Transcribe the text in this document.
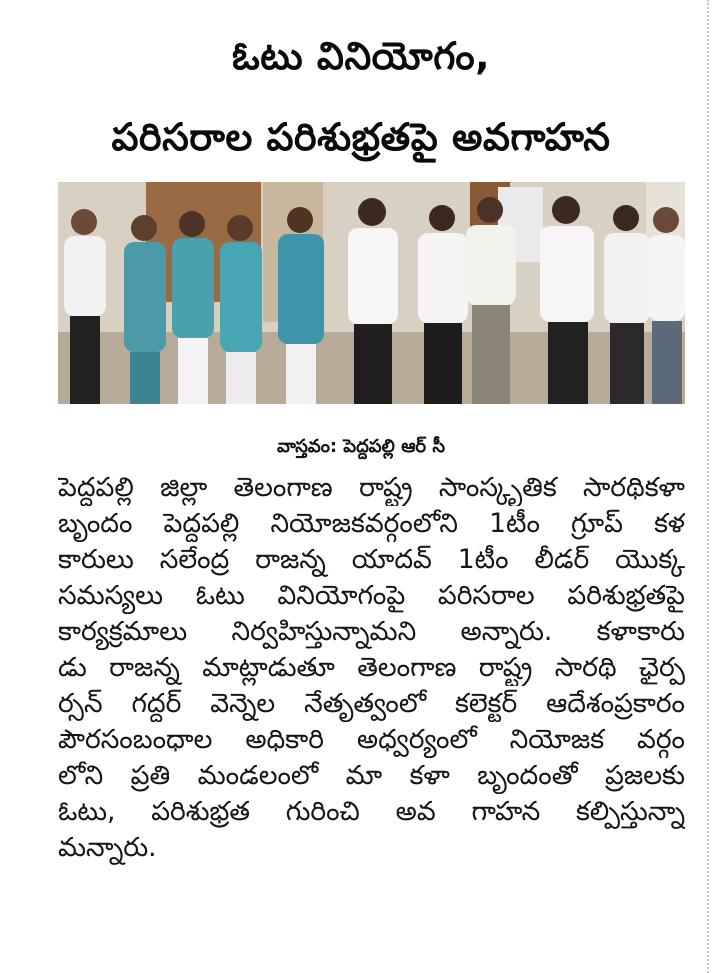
ఓటు వినియోగం,
పరిసరాల పరిశుభ్రతపై అవగాహన
వాస్తవం: పెద్దపల్లి ఆర్ సీ
పెద్దపల్లి జిల్లా తెలంగాణ రాష్ట్ర సాంస్కృతిక సారథికళా
బృందం పెద్దపల్లి నియోజకవర్గంలోని 1టీం గ్రూప్ కళ
కారులు సలేంద్ర రాజన్న యాదవ్ 1టీం లీడర్ యొక్క
సమస్యలు ఓటు వినియోగంపై పరిసరాల పరిశుభ్రతపై
కార్యక్రమాలు నిర్వహిస్తున్నామని అన్నారు. కళాకారు
డు రాజన్న మాట్లాడుతూ తెలంగాణ రాష్ట్ర సారథి ఛైర్ప
ర్సన్ గద్దర్ వెన్నెల నేతృత్వంలో కలెక్టర్ ఆదేశంప్రకారం
పౌరసంబంధాల అధికారి అధ్వర్యంలో నియోజక వర్గం
లోని ప్రతి మండలంలో మా కళా బృందంతో ప్రజలకు
ఓటు, పరిశుభ్రత గురించి అవ గాహన కల్పిస్తున్నా
మన్నారు.
